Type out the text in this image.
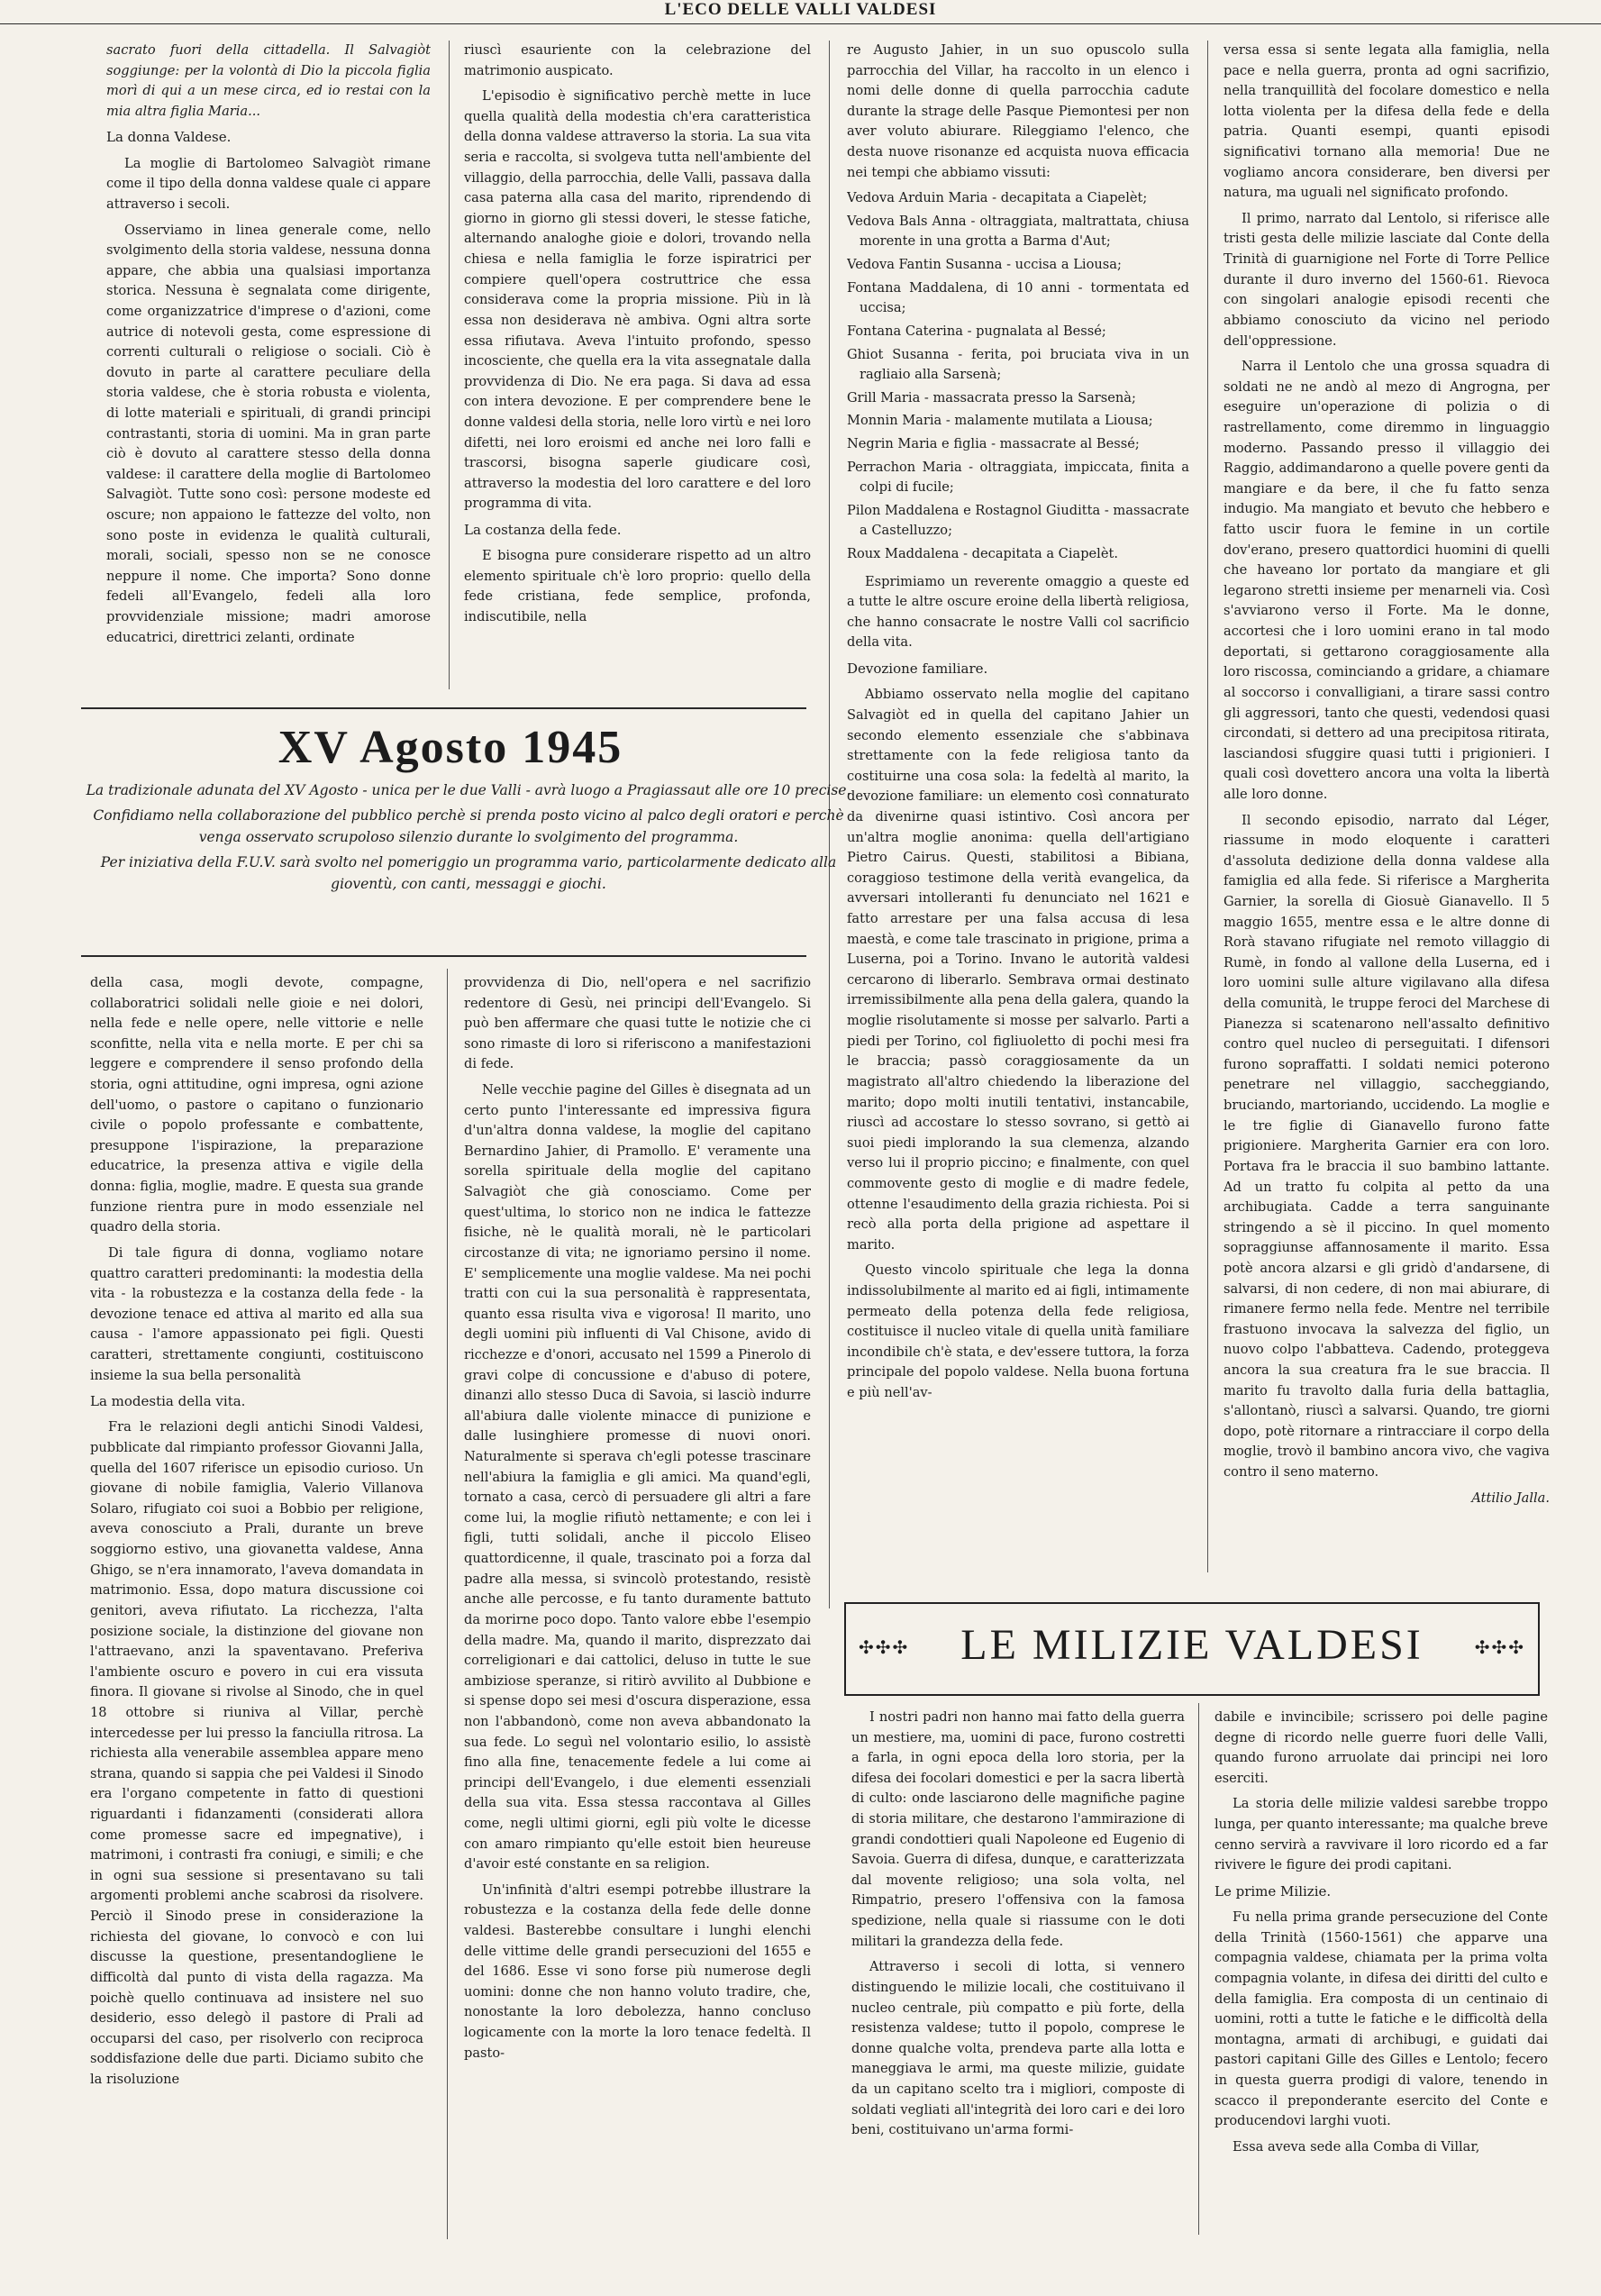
L'ECO DELLE VALLI VALDESI

sacrato fuori della cittadella. Il Salvagiòt soggiunge: per la volontà di Dio la piccola figlia morì di qui a un mese circa, ed io restai con la mia altra figlia Maria...

La donna Valdese.

La moglie di Bartolomeo Salvagiòt rimane come il tipo della donna valdese quale ci appare attraverso i secoli.

Osserviamo in linea generale come, nello svolgimento della storia valdese, nessuna donna appare, che abbia una qualsiasi importanza storica. Nessuna è segnalata come dirigente, come organizzatrice d'imprese o d'azioni, come autrice di notevoli gesta, come espressione di correnti culturali o religiose o sociali. Ciò è dovuto in parte al carattere peculiare della storia valdese, che è storia robusta e violenta, di lotte materiali e spirituali, di grandi principi contrastanti, storia di uomini. Ma in gran parte ciò è dovuto al carattere stesso della donna valdese: il carattere della moglie di Bartolomeo Salvagiòt. Tutte sono così: persone modeste ed oscure; non appaiono le fattezze del volto, non sono poste in evidenza le qualità culturali, morali, sociali, spesso non se ne conosce neppure il nome. Che importa? Sono donne fedeli all'Evangelo, fedeli alla loro provvidenziale missione; madri amorose educatrici, direttrici zelanti, ordinate

riuscì esauriente con la celebrazione del matrimonio auspicato.

L'episodio è significativo perchè mette in luce quella qualità della modestia ch'era caratteristica della donna valdese attraverso la storia. La sua vita seria e raccolta, si svolgeva tutta nell'ambiente del villaggio, della parrocchia, delle Valli, passava dalla casa paterna alla casa del marito, riprendendo di giorno in giorno gli stessi doveri, le stesse fatiche, alternando analoghe gioie e dolori, trovando nella chiesa e nella famiglia le forze ispiratrici per compiere quell'opera costruttrice che essa considerava come la propria missione. Più in là essa non desiderava nè ambiva. Ogni altra sorte essa rifiutava. Aveva l'intuito profondo, spesso incosciente, che quella era la vita assegnatale dalla provvidenza di Dio. Ne era paga. Si dava ad essa con intera devozione. E per comprendere bene le donne valdesi della storia, nelle loro virtù e nei loro difetti, nei loro eroismi ed anche nei loro falli e trascorsi, bisogna saperle giudicare così, attraverso la modestia del loro carattere e del loro programma di vita.

La costanza della fede.

E bisogna pure considerare rispetto ad un altro elemento spirituale ch'è loro proprio: quello della fede cristiana, fede semplice, profonda, indiscutibile, nella

re Augusto Jahier, in un suo opuscolo sulla parrocchia del Villar, ha raccolto in un elenco i nomi delle donne di quella parrocchia cadute durante la strage delle Pasque Piemontesi per non aver voluto abiurare. Rileggiamo l'elenco, che desta nuove risonanze ed acquista nuova efficacia nei tempi che abbiamo vissuti:

Vedova Arduin Maria - decapitata a Ciapelèt;
Vedova Bals Anna - oltraggiata, maltrattata, chiusa morente in una grotta a Barma d'Aut;
Vedova Fantin Susanna - uccisa a Liousa;
Fontana Maddalena, di 10 anni - tormentata ed uccisa;
Fontana Caterina - pugnalata al Bessé;
Ghiot Susanna - ferita, poi bruciata viva in un ragliaio alla Sarsenà;
Grill Maria - massacrata presso la Sarsenà;
Monnin Maria - malamente mutilata a Liousa;
Negrin Maria e figlia - massacrate al Bessé;
Perrachon Maria - oltraggiata, impiccata, finita a colpi di fucile;
Pilon Maddalena e Rostagnol Giuditta - massacrate a Castelluzzo;
Roux Maddalena - decapitata a Ciapelèt.

Esprimiamo un reverente omaggio a queste ed a tutte le altre oscure eroine della libertà religiosa, che hanno consacrate le nostre Valli col sacrificio della vita.

Devozione familiare.

Abbiamo osservato nella moglie del capitano Salvagiòt ed in quella del capitano Jahier un secondo elemento essenziale che s'abbinava strettamente con la fede religiosa tanto da costituirne una cosa sola: la fedeltà al marito, la devozione familiare: un elemento così connaturato da divenirne quasi istintivo. Così ancora per un'altra moglie anonima: quella dell'artigiano Pietro Cairus. Questi, stabilitosi a Bibiana, coraggioso testimone della verità evangelica, da avversari intolleranti fu denunciato nel 1621 e fatto arrestare per una falsa accusa di lesa maestà, e come tale trascinato in prigione, prima a Luserna, poi a Torino. Invano le autorità valdesi cercarono di liberarlo. Sembrava ormai destinato irremissibilmente alla pena della galera, quando la moglie risolutamente si mosse per salvarlo. Parti a piedi per Torino, col figliuoletto di pochi mesi fra le braccia; passò coraggiosamente da un magistrato all'altro chiedendo la liberazione del marito; dopo molti inutili tentativi, instancabile, riuscì ad accostare lo stesso sovrano, si gettò ai suoi piedi implorando la sua clemenza, alzando verso lui il proprio piccino; e finalmente, con quel commovente gesto di moglie e di madre fedele, ottenne l'esaudimento della grazia richiesta. Poi si recò alla porta della prigione ad aspettare il marito.

Questo vincolo spirituale che lega la donna indissolubilmente al marito ed ai figli, intimamente permeato della potenza della fede religiosa, costituisce il nucleo vitale di quella unità familiare incondibile ch'è stata, e dev'essere tuttora, la forza principale del popolo valdese. Nella buona fortuna e più nell'av-

versa essa si sente legata alla famiglia, nella pace e nella guerra, pronta ad ogni sacrifizio, nella tranquillità del focolare domestico e nella lotta violenta per la difesa della fede e della patria. Quanti esempi, quanti episodi significativi tornano alla memoria! Due ne vogliamo ancora considerare, ben diversi per natura, ma uguali nel significato profondo.

Il primo, narrato dal Lentolo, si riferisce alle tristi gesta delle milizie lasciate dal Conte della Trinità di guarnigione nel Forte di Torre Pellice durante il duro inverno del 1560-61. Rievoca con singolari analogie episodi recenti che abbiamo conosciuto da vicino nel periodo dell'oppressione.

Narra il Lentolo che una grossa squadra di soldati ne ne andò al mezo di Angrogna, per eseguire un'operazione di polizia o di rastrellamento, come diremmo in linguaggio moderno. Passando presso il villaggio dei Raggio, addimandarono a quelle povere genti da mangiare e da bere, il che fu fatto senza indugio. Ma mangiato et bevuto che hebbero e fatto uscir fuora le femine in un cortile dov'erano, presero quattordici huomini di quelli che haveano lor portato da mangiare et gli legarono stretti insieme per menarneli via. Così s'avviarono verso il Forte. Ma le donne, accortesi che i loro uomini erano in tal modo deportati, si gettarono coraggiosamente alla loro riscossa, cominciando a gridare, a chiamare al soccorso i convalligiani, a tirare sassi contro gli aggressori, tanto che questi, vedendosi quasi circondati, si dettero ad una precipitosa ritirata, lasciandosi sfuggire quasi tutti i prigionieri. I quali così dovettero ancora una volta la libertà alle loro donne.

Il secondo episodio, narrato dal Léger, riassume in modo eloquente i caratteri d'assoluta dedizione della donna valdese alla famiglia ed alla fede. Si riferisce a Margherita Garnier, la sorella di Giosuè Gianavello. Il 5 maggio 1655, mentre essa e le altre donne di Rorà stavano rifugiate nel remoto villaggio di Rumè, in fondo al vallone della Luserna, ed i loro uomini sulle alture vigilavano alla difesa della comunità, le truppe feroci del Marchese di Pianezza si scatenarono nell'assalto definitivo contro quel nucleo di perseguitati. I difensori furono sopraffatti. I soldati nemici poterono penetrare nel villaggio, saccheggiando, bruciando, martoriando, uccidendo. La moglie e le tre figlie di Gianavello furono fatte prigioniere. Margherita Garnier era con loro. Portava fra le braccia il suo bambino lattante. Ad un tratto fu colpita al petto da una archibugiata. Cadde a terra sanguinante stringendo a sè il piccino. In quel momento sopraggiunse affannosamente il marito. Essa potè ancora alzarsi e gli gridò d'andarsene, di salvarsi, di non cedere, di non mai abiurare, di rimanere fermo nella fede. Mentre nel terribile frastuono invocava la salvezza del figlio, un nuovo colpo l'abbatteva. Cadendo, proteggeva ancora la sua creatura fra le sue braccia. Il marito fu travolto dalla furia della battaglia, s'allontanò, riuscì a salvarsi. Quando, tre giorni dopo, potè ritornare a rintracciare il corpo della moglie, trovò il bambino ancora vivo, che vagiva contro il seno materno.

Attilio Jalla.

XV Agosto 1945

La tradizionale adunata del XV Agosto - unica per le due Valli - avrà luogo a Pragiassaut alle ore 10 precise.

Confidiamo nella collaborazione del pubblico perchè si prenda posto vicino al palco degli oratori e perchè venga osservato scrupoloso silenzio durante lo svolgimento del programma.

Per iniziativa della F.U.V. sarà svolto nel pomeriggio un programma vario, particolarmente dedicato alla gioventù, con canti, messaggi e giochi.

della casa, mogli devote, compagne, collaboratrici solidali nelle gioie e nei dolori, nella fede e nelle opere, nelle vittorie e nelle sconfitte, nella vita e nella morte. E per chi sa leggere e comprendere il senso profondo della storia, ogni attitudine, ogni impresa, ogni azione dell'uomo, o pastore o capitano o funzionario civile o popolo professante e combattente, presuppone l'ispirazione, la preparazione educatrice, la presenza attiva e vigile della donna: figlia, moglie, madre. E questa sua grande funzione rientra pure in modo essenziale nel quadro della storia.

Di tale figura di donna, vogliamo notare quattro caratteri predominanti: la modestia della vita - la robustezza e la costanza della fede - la devozione tenace ed attiva al marito ed alla sua causa - l'amore appassionato pei figli. Questi caratteri, strettamente congiunti, costituiscono insieme la sua bella personalità

La modestia della vita.

Fra le relazioni degli antichi Sinodi Valdesi, pubblicate dal rimpianto professor Giovanni Jalla, quella del 1607 riferisce un episodio curioso. Un giovane di nobile famiglia, Valerio Villanova Solaro, rifugiato coi suoi a Bobbio per religione, aveva conosciuto a Prali, durante un breve soggiorno estivo, una giovanetta valdese, Anna Ghigo, se n'era innamorato, l'aveva domandata in matrimonio. Essa, dopo matura discussione coi genitori, aveva rifiutato. La ricchezza, l'alta posizione sociale, la distinzione del giovane non l'attraevano, anzi la spaventavano. Preferiva l'ambiente oscuro e povero in cui era vissuta finora. Il giovane si rivolse al Sinodo, che in quel 18 ottobre si riuniva al Villar, perchè intercedesse per lui presso la fanciulla ritrosa. La richiesta alla venerabile assemblea appare meno strana, quando si sappia che pei Valdesi il Sinodo era l'organo competente in fatto di questioni riguardanti i fidanzamenti (considerati allora come promesse sacre ed impegnative), i matrimoni, i contrasti fra coniugi, e simili; e che in ogni sua sessione si presentavano su tali argomenti problemi anche scabrosi da risolvere. Perciò il Sinodo prese in considerazione la richiesta del giovane, lo convocò e con lui discusse la questione, presentandogliene le difficoltà dal punto di vista della ragazza. Ma poichè quello continuava ad insistere nel suo desiderio, esso delegò il pastore di Prali ad occuparsi del caso, per risolverlo con reciproca soddisfazione delle due parti. Diciamo subito che la risoluzione

provvidenza di Dio, nell'opera e nel sacrifizio redentore di Gesù, nei principi dell'Evangelo. Si può ben affermare che quasi tutte le notizie che ci sono rimaste di loro si riferiscono a manifestazioni di fede.

Nelle vecchie pagine del Gilles è disegnata ad un certo punto l'interessante ed impressiva figura d'un'altra donna valdese, la moglie del capitano Bernardino Jahier, di Pramollo. E' veramente una sorella spirituale della moglie del capitano Salvagiòt che già conosciamo. Come per quest'ultima, lo storico non ne indica le fattezze fisiche, nè le qualità morali, nè le particolari circostanze di vita; ne ignoriamo persino il nome. E' semplicemente una moglie valdese. Ma nei pochi tratti con cui la sua personalità è rappresentata, quanto essa risulta viva e vigorosa! Il marito, uno degli uomini più influenti di Val Chisone, avido di ricchezze e d'onori, accusato nel 1599 a Pinerolo di gravi colpe di concussione e d'abuso di potere, dinanzi allo stesso Duca di Savoia, si lasciò indurre all'abiura dalle violente minacce di punizione e dalle lusinghiere promesse di nuovi onori. Naturalmente si sperava ch'egli potesse trascinare nell'abiura la famiglia e gli amici. Ma quand'egli, tornato a casa, cercò di persuadere gli altri a fare come lui, la moglie rifiutò nettamente; e con lei i figli, tutti solidali, anche il piccolo Eliseo quattordicenne, il quale, trascinato poi a forza dal padre alla messa, si svincolò protestando, resistè anche alle percosse, e fu tanto duramente battuto da morirne poco dopo. Tanto valore ebbe l'esempio della madre. Ma, quando il marito, disprezzato dai correligionari e dai cattolici, deluso in tutte le sue ambiziose speranze, si ritirò avvilito al Dubbione e si spense dopo sei mesi d'oscura disperazione, essa non l'abbandonò, come non aveva abbandonato la sua fede. Lo seguì nel volontario esilio, lo assistè fino alla fine, tenacemente fedele a lui come ai principi dell'Evangelo, i due elementi essenziali della sua vita. Essa stessa raccontava al Gilles come, negli ultimi giorni, egli più volte le dicesse con amaro rimpianto qu'elle estoit bien heureuse d'avoir esté constante en sa religion.

Un'infinità d'altri esempi potrebbe illustrare la robustezza e la costanza della fede delle donne valdesi. Basterebbe consultare i lunghi elenchi delle vittime delle grandi persecuzioni del 1655 e del 1686. Esse vi sono forse più numerose degli uomini: donne che non hanno voluto tradire, che, nonostante la loro debolezza, hanno concluso logicamente con la morte la loro tenace fedeltà. Il pasto-

✣✣✣	LE MILIZIE VALDESI	✣✣✣

I nostri padri non hanno mai fatto della guerra un mestiere, ma, uomini di pace, furono costretti a farla, in ogni epoca della loro storia, per la difesa dei focolari domestici e per la sacra libertà di culto: onde lasciarono delle magnifiche pagine di storia militare, che destarono l'ammirazione di grandi condottieri quali Napoleone ed Eugenio di Savoia. Guerra di difesa, dunque, e caratterizzata dal movente religioso; una sola volta, nel Rimpatrio, presero l'offensiva con la famosa spedizione, nella quale si riassume con le doti militari la grandezza della fede.

Attraverso i secoli di lotta, si vennero distinguendo le milizie locali, che costituivano il nucleo centrale, più compatto e più forte, della resistenza valdese; tutto il popolo, comprese le donne qualche volta, prendeva parte alla lotta e maneggiava le armi, ma queste milizie, guidate da un capitano scelto tra i migliori, composte di soldati vegliati all'integrità dei loro cari e dei loro beni, costituivano un'arma formi-

dabile e invincibile; scrissero poi delle pagine degne di ricordo nelle guerre fuori delle Valli, quando furono arruolate dai principi nei loro eserciti.

La storia delle milizie valdesi sarebbe troppo lunga, per quanto interessante; ma qualche breve cenno servirà a ravvivare il loro ricordo ed a far rivivere le figure dei prodi capitani.

Le prime Milizie.

Fu nella prima grande persecuzione del Conte della Trinità (1560-1561) che apparve una compagnia valdese, chiamata per la prima volta compagnia volante, in difesa dei diritti del culto e della famiglia. Era composta di un centinaio di uomini, rotti a tutte le fatiche e le difficoltà della montagna, armati di archibugi, e guidati dai pastori capitani Gille des Gilles e Lentolo; fecero in questa guerra prodigi di valore, tenendo in scacco il preponderante esercito del Conte e producendovi larghi vuoti.

Essa aveva sede alla Comba di Villar,
